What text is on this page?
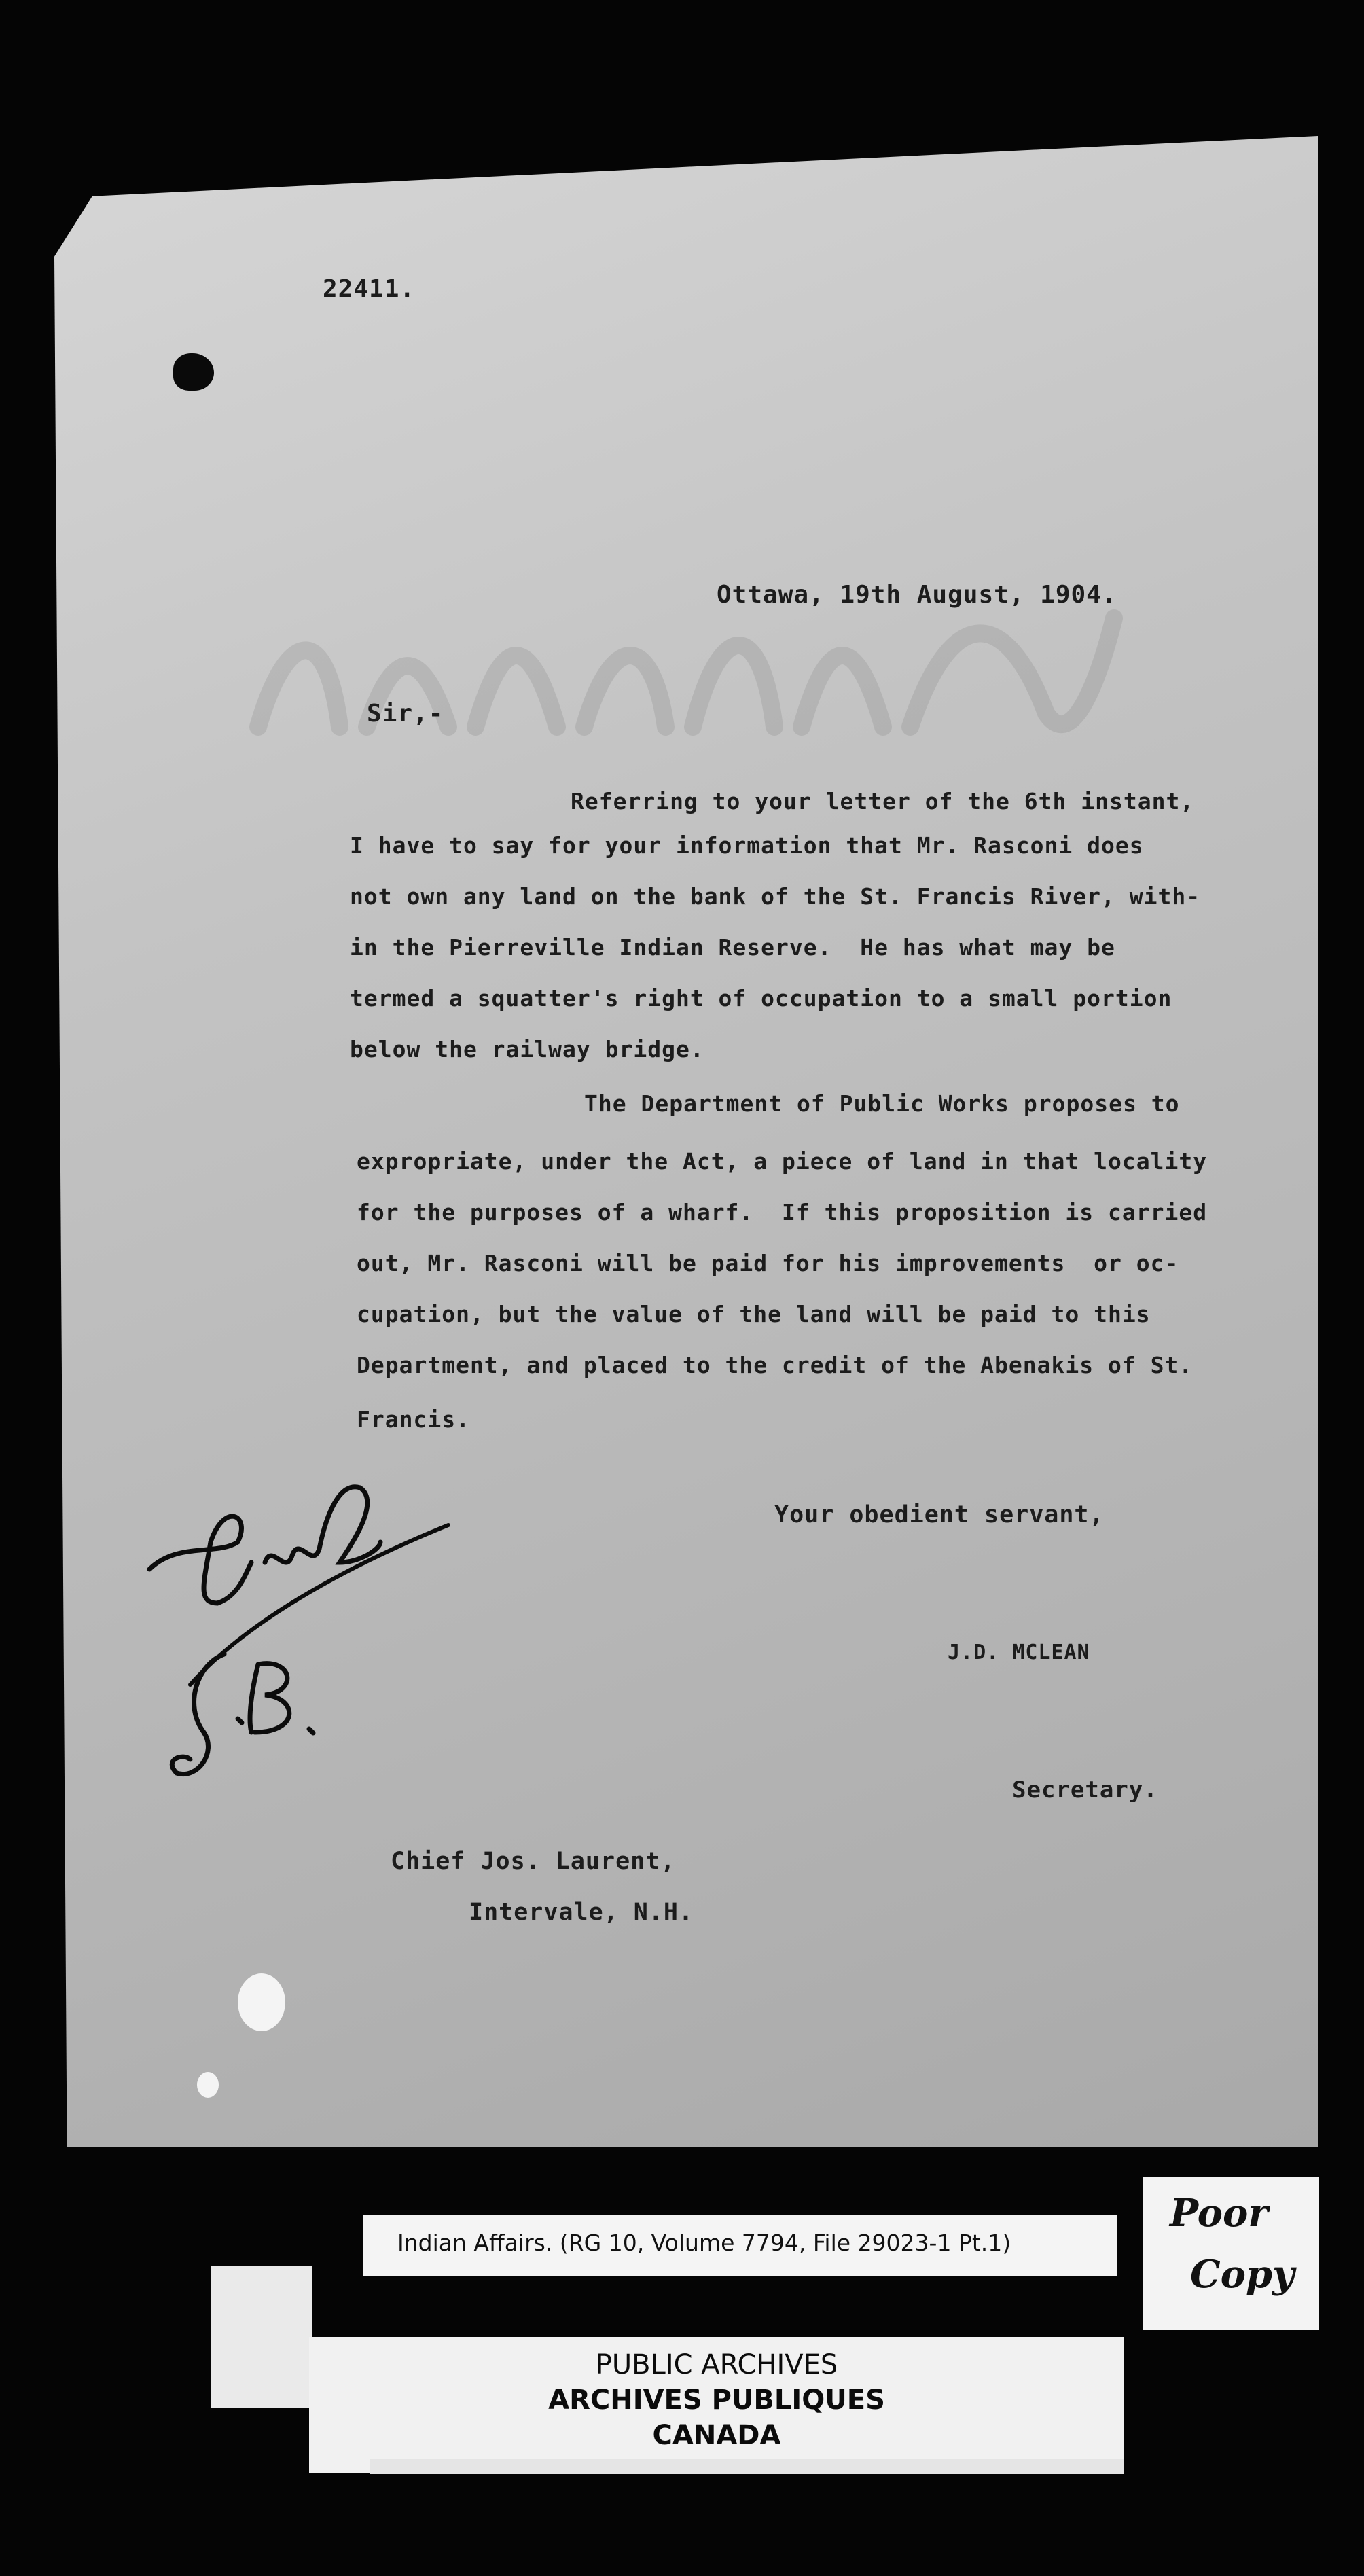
22411.
Ottawa, 19th August, 1904.
Sir,-
Referring to your letter of the 6th instant,
I have to say for your information that Mr. Rasconi does
not own any land on the bank of the St. Francis River, with-
in the Pierreville Indian Reserve.  He has what may be
termed a squatter's right of occupation to a small portion
below the railway bridge.
The Department of Public Works proposes to
expropriate, under the Act, a piece of land in that locality
for the purposes of a wharf.  If this proposition is carried
out, Mr. Rasconi will be paid for his improvements  or oc-
cupation, but the value of the land will be paid to this
Department, and placed to the credit of the Abenakis of St.
Francis.
Your obedient servant,
J.D. MCLEAN
Secretary.
Chief Jos. Laurent,
Intervale, N.H.
Poor
Copy
Indian Affairs. (RG 10, Volume 7794, File 29023-1 Pt.1)
PUBLIC ARCHIVES
ARCHIVES PUBLIQUES
CANADA
